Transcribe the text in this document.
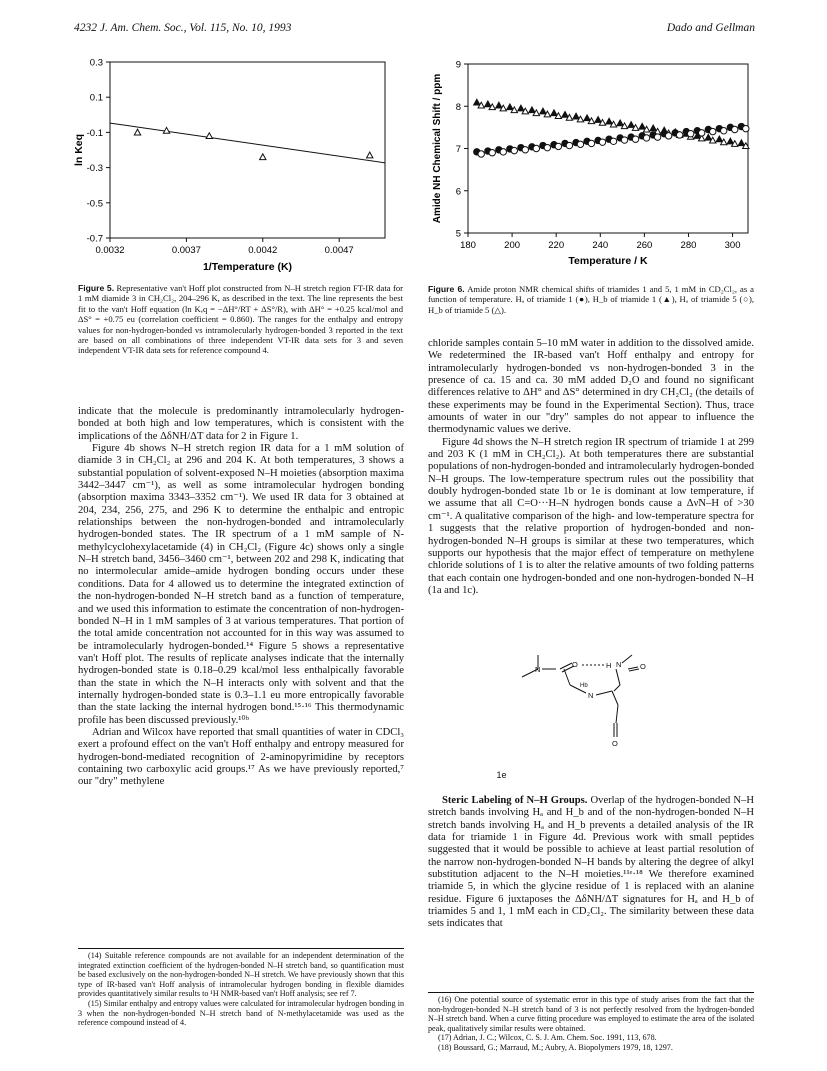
4232 J. Am. Chem. Soc., Vol. 115, No. 10, 1993	Dado and Gellman
0.3
0.1
-0.1
-0.3
-0.5
-0.7
0.0032	0.0037	0.0042	0.0047
1/Temperature (K)
ln Keq
Figure 5. Representative van't Hoff plot constructed from N–H stretch region FT-IR data for 1 mM diamide 3 in CH₂Cl₂, 204–296 K, as described in the text. The line represents the best fit to the van't Hoff equation (ln Kₑq = −ΔH°/RT + ΔS°/R), with ΔH° = +0.25 kcal/mol and ΔS° = +0.75 eu (correlation coefficient = 0.860). The ranges for the enthalpy and entropy values for non-hydrogen-bonded vs intramolecularly hydrogen-bonded 3 reported in the text are based on all combinations of three independent VT-IR data sets for 3 and seven independent VT-IR data sets for reference compound 4.
9
8
7
6
5
180	200	220	240	260	280	300
Temperature / K
Amide NH Chemical Shift / ppm
Figure 6. Amide proton NMR chemical shifts of triamides 1 and 5, 1 mM in CD₂Cl₂, as a function of temperature. Hₐ of triamide 1 (●), H_b of triamide 1 (▲), Hₐ of triamide 5 (○), H_b of triamide 5 (△).

indicate that the molecule is predominantly intramolecularly hydrogen-bonded at both high and low temperatures, which is consistent with the implications of the ΔδNH/ΔT data for 2 in Figure 1.

Figure 4b shows N–H stretch region IR data for a 1 mM solution of diamide 3 in CH₂Cl₂ at 296 and 204 K. At both temperatures, 3 shows a substantial population of solvent-exposed N–H moieties (absorption maxima 3442–3447 cm⁻¹), as well as some intramolecular hydrogen bonding (absorption maxima 3343–3352 cm⁻¹). We used IR data for 3 obtained at 204, 234, 256, 275, and 296 K to determine the enthalpic and entropic relationships between the non-hydrogen-bonded and intramolecularly hydrogen-bonded states. The IR spectrum of a 1 mM sample of N-methylcyclohexylacetamide (4) in CH₂Cl₂ (Figure 4c) shows only a single N–H stretch band, 3456–3460 cm⁻¹, between 202 and 298 K, indicating that no intermolecular amide–amide hydrogen bonding occurs under these conditions. Data for 4 allowed us to determine the integrated extinction of the non-hydrogen-bonded N–H stretch band as a function of temperature, and we used this information to estimate the concentration of non-hydrogen-bonded N–H in 1 mM samples of 3 at various temperatures. That portion of the total amide concentration not accounted for in this way was assumed to be intramolecularly hydrogen-bonded.¹⁴ Figure 5 shows a representative van't Hoff plot. The results of replicate analyses indicate that the internally hydrogen-bonded state is 0.18–0.29 kcal/mol less enthalpically favorable than the state in which the N–H interacts only with solvent and that the internally hydrogen-bonded state is 0.3–1.1 eu more entropically favorable than the state lacking the internal hydrogen bond.¹⁵·¹⁶ This thermodynamic profile has been discussed previously.¹⁰ᵇ

Adrian and Wilcox have reported that small quantities of water in CDCl₃ exert a profound effect on the van't Hoff enthalpy and entropy measured for hydrogen-bond-mediated recognition of 2-aminopyrimidine by receptors containing two carboxylic acid groups.¹⁷ As we have previously reported,⁷ our "dry" methylene

chloride samples contain 5–10 mM water in addition to the dissolved amide. We redetermined the IR-based van't Hoff enthalpy and entropy for intramolecularly hydrogen-bonded vs non-hydrogen-bonded 3 in the presence of ca. 15 and ca. 30 mM added D₂O and found no significant differences relative to ΔH° and ΔS° determined in dry CH₂Cl₂ (the details of these experiments may be found in the Experimental Section). Thus, trace amounts of water in our "dry" samples do not appear to influence the thermodynamic values we derive.

Figure 4d shows the N–H stretch region IR spectrum of triamide 1 at 299 and 203 K (1 mM in CH₂Cl₂). At both temperatures there are substantial populations of non-hydrogen-bonded and intramolecularly hydrogen-bonded N–H groups. The low-temperature spectrum rules out the possibility that doubly hydrogen-bonded state 1b or 1e is dominant at low temperature, if we assume that all C=O···H–N hydrogen bonds cause a Δν̃N–H of >30 cm⁻¹. A qualitative comparison of the high- and low-temperature spectra for 1 suggests that the relative proportion of hydrogen-bonded and non-hydrogen-bonded N–H groups is similar at these two temperatures, which supports our hypothesis that the major effect of temperature on methylene chloride solutions of 1 is to alter the relative amounts of two folding patterns that each contain one hydrogen-bonded and one non-hydrogen-bonded N–H (1a and 1c).

N
O	H N O
Hb
N
O
1e

Steric Labeling of N–H Groups. Overlap of the hydrogen-bonded N–H stretch bands involving Hₐ and H_b and of the non-hydrogen-bonded N–H stretch bands involving Hₐ and H_b prevents a detailed analysis of the IR data for triamide 1 in Figure 4d. Previous work with small peptides suggested that it would be possible to achieve at least partial resolution of the narrow non-hydrogen-bonded N–H bands by altering the degree of alkyl substitution adjacent to the N–H moieties.¹¹ᵉ·¹⁸ We therefore examined triamide 5, in which the glycine residue of 1 is replaced with an alanine residue. Figure 6 juxtaposes the ΔδNH/ΔT signatures for Hₐ and H_b of triamides 5 and 1, 1 mM each in CD₂Cl₂. The similarity between these data sets indicates that

(14) Suitable reference compounds are not available for an independent determination of the integrated extinction coefficient of the hydrogen-bonded N–H stretch band, so quantification must be based exclusively on the non-hydrogen-bonded N–H stretch. We have previously shown that this type of IR-based van't Hoff analysis of intramolecular hydrogen bonding in flexible diamides provides quantitatively similar results to ¹H NMR-based van't Hoff analysis; see ref 7.

(15) Similar enthalpy and entropy values were calculated for intramolecular hydrogen bonding in 3 when the non-hydrogen-bonded N–H stretch band of N-methylacetamide was used as the reference compound instead of 4.

(16) One potential source of systematic error in this type of study arises from the fact that the non-hydrogen-bonded N–H stretch band of 3 is not perfectly resolved from the hydrogen-bonded N–H stretch band. When a curve fitting procedure was employed to estimate the area of the isolated peak, qualitatively similar results were obtained.

(17) Adrian, J. C.; Wilcox, C. S. J. Am. Chem. Soc. 1991, 113, 678.

(18) Boussard, G.; Marraud, M.; Aubry, A. Biopolymers 1979, 18, 1297.
